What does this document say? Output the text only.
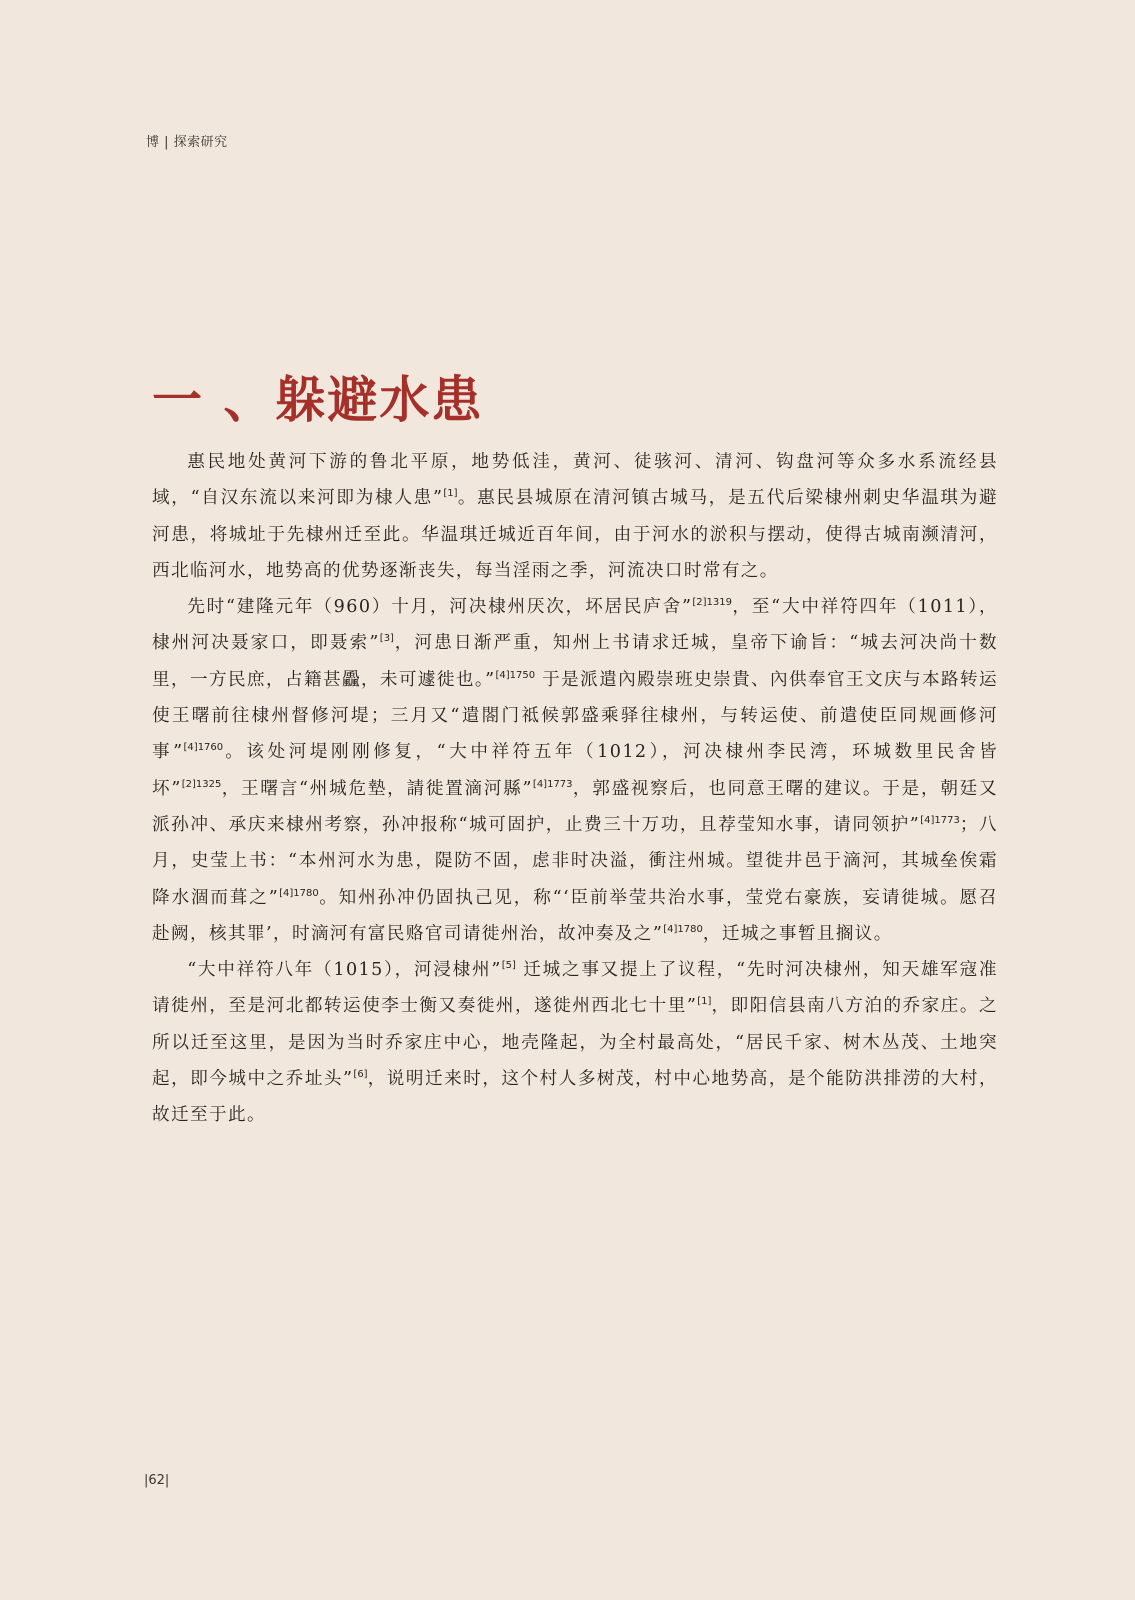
博 | 探索研究
一 、躲避水患

惠民地处黄河下游的鲁北平原，地势低洼，黄河、徒骇河、清河、钩盘河等众多水系流经县域，“自汉东流以来河即为棣人患”[1]。惠民县城原在清河镇古城马，是五代后梁棣州刺史华温琪为避河患，将城址于先棣州迁至此。华温琪迁城近百年间，由于河水的淤积与摆动，使得古城南濒清河，西北临河水，地势高的优势逐渐丧失，每当淫雨之季，河流决口时常有之。

先时“建隆元年（960）十月，河决棣州厌次，坏居民庐舍”$^{[2]1319}$，至“大中祥符四年（1011），棣州河决聂家口，即聂索”[3]，河患日渐严重，知州上书请求迁城，皇帝下谕旨：“城去河决尚十数里，一方民庶，占籍甚飍，未可遽徙也。”$^{[4]1750}$ 于是派遣內殿崇班史崇貴、內供奉官王文庆与本路转运使王曙前往棣州督修河堤；三月又“遣閤门祗候郭盛乘驿往棣州，与转运使、前遣使臣同规画修河事”$^{[4]1760}$。该处河堤刚刚修复，“大中祥符五年（1012），河决棣州李民湾，环城数里民舍皆坏”$^{[2]1325}$，王曙言“州城危墊，請徙置滴河縣”$^{[4]1773}$，郭盛视察后，也同意王曙的建议。于是，朝廷又派孙冲、承庆来棣州考察，孙冲报称“城可固护，止费三十万功，且荐莹知水事，请同领护”$^{[4]1773}$；八月，史莹上书：“本州河水为患，隄防不固，虑非时决溢，衝注州城。望徙井邑于滴河，其城垒俟霜降水涸而葺之”$^{[4]1780}$。知州孙冲仍固执己见，称“‘臣前举莹共治水事，莹党右豪族，妄请徙城。愿召赴阙，核其罪’，时滴河有富民赂官司请徙州治，故冲奏及之”$^{[4]1780}$，迁城之事暂且搁议。

“大中祥符八年（1015），河浸棣州”[5] 迁城之事又提上了议程，“先时河决棣州，知天雄军寇准请徙州，至是河北都转运使李士衡又奏徙州，遂徙州西北七十里”[1]，即阳信县南八方泊的乔家庄。之所以迁至这里，是因为当时乔家庄中心，地壳隆起，为全村最高处，“居民千家、树木丛茂、土地突起，即今城中之乔址头”[6]，说明迁来时，这个村人多树茂，村中心地势高，是个能防洪排涝的大村，故迁至于此。

|62|
